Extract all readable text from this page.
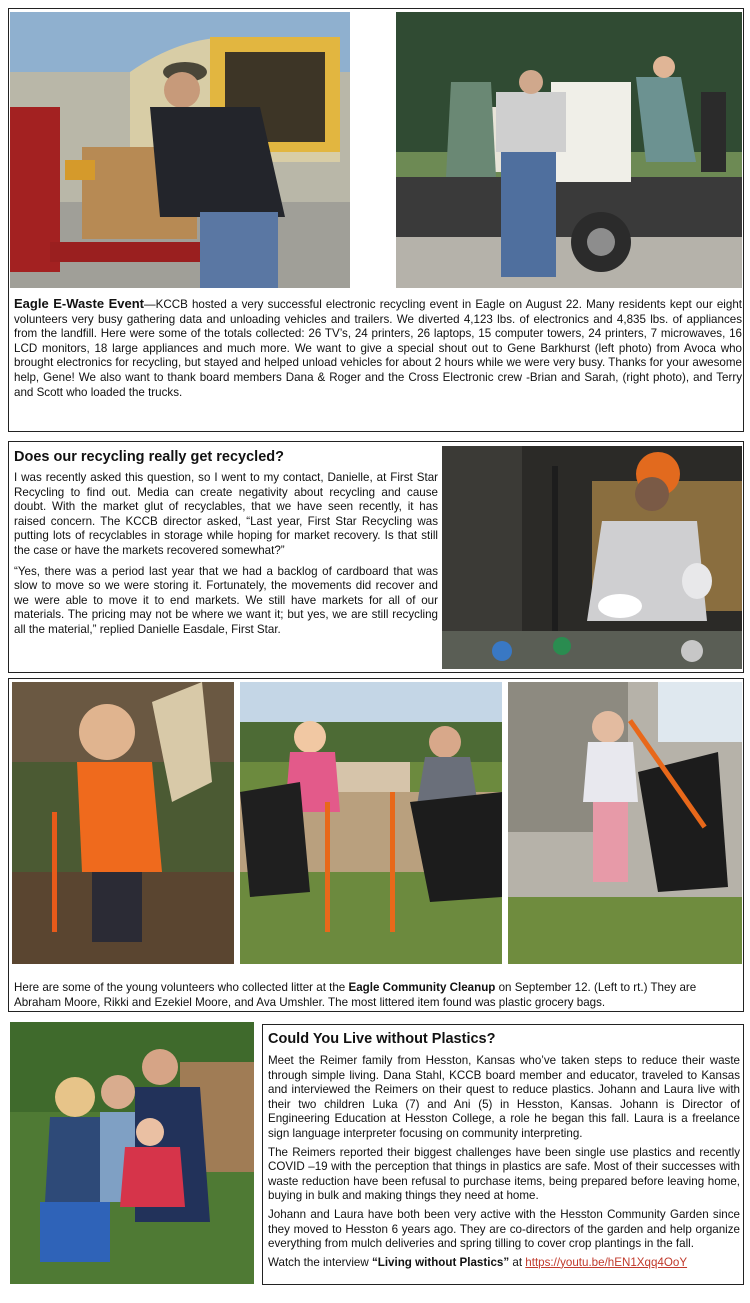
Eagle E-Waste Event—KCCB hosted a very successful electronic recycling event in Eagle on August 22. Many residents kept our eight volunteers very busy gathering data and unloading vehicles and trailers. We diverted 4,123 lbs. of electronics and 4,835 lbs. of appliances from the landfill. Here were some of the totals collected: 26 TV’s, 24 printers, 26 laptops, 15 computer towers, 24 printers, 7 microwaves, 16 LCD monitors, 18 large appliances and much more. We want to give a special shout out to Gene Barkhurst (left photo) from Avoca who brought electronics for recycling, but stayed and helped unload vehicles for about 2 hours while we were very busy. Thanks for your awesome help, Gene! We also want to thank board members Dana & Roger and the Cross Electronic crew -Brian and Sarah, (right photo), and Terry and Scott who loaded the trucks.

Does our recycling really get recycled?

I was recently asked this question, so I went to my contact, Danielle, at First Star Recycling to find out. Media can create negativity about recycling and cause doubt. With the market glut of recyclables, that we have seen recently, it has raised concern. The KCCB director asked, “Last year, First Star Recycling was putting lots of recyclables in storage while hoping for market recovery. Is that still the case or have the markets recovered somewhat?”

“Yes, there was a period last year that we had a backlog of cardboard that was slow to move so we were storing it. Fortunately, the movements did recover and we were able to move it to end markets. We still have markets for all of our materials. The pricing may not be where we want it; but yes, we are still recycling all the material,” replied Danielle Easdale, First Star.

Here are some of the young volunteers who collected litter at the Eagle Community Cleanup on September 12. (Left to rt.) They are Abraham Moore, Rikki and Ezekiel Moore, and Ava Umshler. The most littered item found was plastic grocery bags.

Could You Live without Plastics?

Meet the Reimer family from Hesston, Kansas who’ve taken steps to reduce their waste through simple living. Dana Stahl, KCCB board member and educator, traveled to Kansas and interviewed the Reimers on their quest to reduce plastics. Johann and Laura live with their two children Luka (7) and Ani (5) in Hesston, Kansas. Johann is Director of Engineering Education at Hesston College, a role he began this fall. Laura is a freelance sign language interpreter focusing on community interpreting.

The Reimers reported their biggest challenges have been single use plastics and recently COVID –19 with the perception that things in plastics are safe. Most of their successes with waste reduction have been refusal to purchase items, being prepared before leaving home, buying in bulk and making things they need at home.

Johann and Laura have both been very active with the Hesston Community Garden since they moved to Hesston 6 years ago. They are co-directors of the garden and help organize everything from mulch deliveries and spring tilling to cover crop plantings in the fall.

Watch the interview “Living without Plastics” at https://youtu.be/hEN1Xqq4OoY
